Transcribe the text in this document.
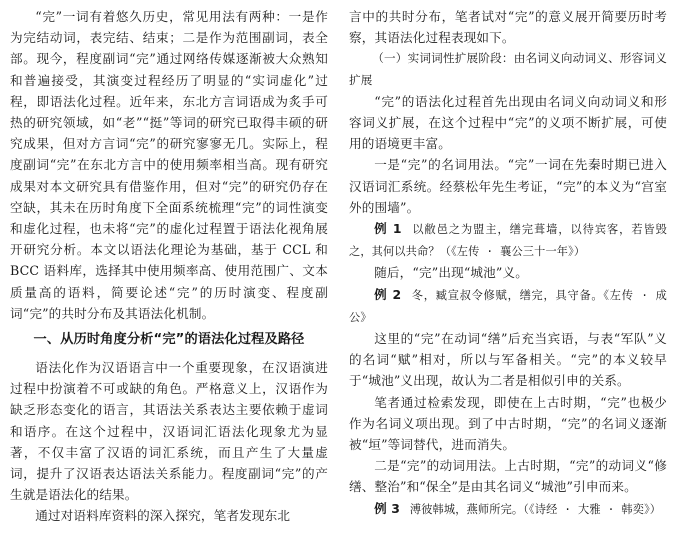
“完”一词有着悠久历史，常见用法有两种：一是作为完结动词，表完结、结束；二是作为范围副词，表全部。现今，程度副词“完”通过网络传媒逐渐被大众熟知和普遍接受，其演变过程经历了明显的“实词虚化”过程，即语法化过程。近年来，东北方言词语成为炙手可热的研究领域，如“老”“挺”等词的研究已取得丰硕的研究成果，但对方言词“完”的研究寥寥无几。实际上，程度副词“完”在东北方言中的使用频率相当高。现有研究成果对本文研究具有借鉴作用，但对“完”的研究仍存在空缺，其未在历时角度下全面系统梳理“完”的词性演变和虚化过程，也未将“完”的虚化过程置于语法化视角展开研究分析。本文以语法化理论为基础，基于 CCL 和 BCC 语料库，选择其中使用频率高、使用范围广、文本质量高的语料，简要论述“完”的历时演变、程度副词“完”的共时分布及其语法化机制。

一、从历时角度分析“完”的语法化过程及路径

语法化作为汉语语言中一个重要现象，在汉语演进过程中扮演着不可或缺的角色。严格意义上，汉语作为缺乏形态变化的语言，其语法关系表达主要依赖于虚词和语序。在这个过程中，汉语词汇语法化现象尤为显著，不仅丰富了汉语的词汇系统，而且产生了大量虚词，提升了汉语表达语法关系能力。程度副词“完”的产生就是语法化的结果。

通过对语料库资料的深入探究，笔者发现东北

言中的共时分布，笔者试对“完”的意义展开简要历时考察，其语法化过程表现如下。

（一）实词词性扩展阶段：由名词义向动词义、形容词义扩展

“完”的语法化过程首先出现由名词义向动词义和形容词义扩展，在这个过程中“完”的义项不断扩展，可使用的语境更丰富。

一是“完”的名词用法。“完”一词在先秦时期已进入汉语词汇系统。经蔡松年先生考证，“完”的本义为“宫室外的围墙”。

例 1 以敝邑之为盟主，缮完葺墙，以待宾客，若皆毁之，其何以共命？（《左传 · 襄公三十一年》）

随后，“完”出现“城池”义。

例 2 冬，臧宣叔令修赋，缮完，具守备。《左传 · 成公》

这里的“完”在动词“缮”后充当宾语，与表“军队”义的名词“赋”相对，所以与军备相关。“完”的本义较早于“城池”义出现，故认为二者是相似引申的关系。

笔者通过检索发现，即使在上古时期，“完”也极少作为名词义项出现。到了中古时期，“完”的名词义逐渐被“垣”等词替代，进而消失。

二是“完”的动词用法。上古时期，“完”的动词义“修缮、整治”和“保全”是由其名词义“城池”引申而来。

例 3 溥彼韩城，燕师所完。（《诗经 · 大雅 · 韩奕》）
